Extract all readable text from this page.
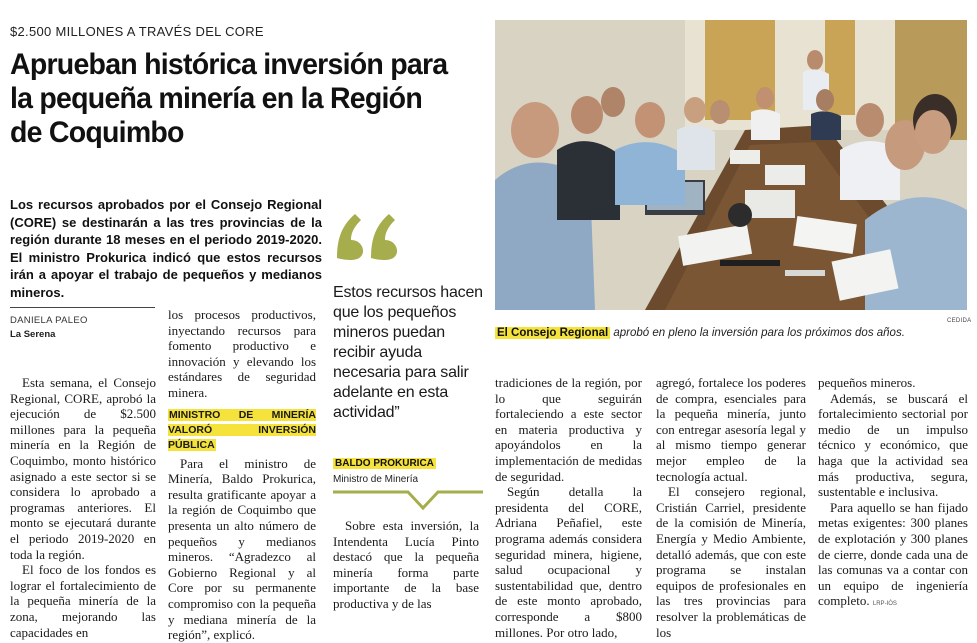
$2.500 MILLONES A TRAVÉS DEL CORE
Aprueban histórica inversión para la pequeña minería en la Región de Coquimbo
Los recursos aprobados por el Consejo Regional (CORE) se destinarán a las tres provincias de la región durante 18 meses en el periodo 2019-2020. El ministro Prokurica indicó que estos recursos irán a apoyar el trabajo de pequeños y medianos mineros.
DANIELA PALEO
La Serena

Esta semana, el Consejo Regional, CORE, aprobó la ejecución de $2.500 millones para la pequeña minería en la Región de Coquimbo, monto histórico asignado a este sector si se considera lo aprobado a programas anteriores. El monto se ejecutará durante el periodo 2019-2020 en toda la región.

El foco de los fondos es lograr el fortalecimiento de la pequeña minería de la zona, mejorando las capacidades en

los procesos productivos, inyectando recursos para fomento productivo e innovación y elevando los estándares de seguridad minera.

MINISTRO DE MINERÍA VALORÓ INVERSIÓN PÚBLICA

Para el ministro de Minería, Baldo Prokurica, resulta gratificante apoyar a la región de Coquimbo que presenta un alto número de pequeños y medianos mineros. “Agradezco al Gobierno Regional y al Core por su permanente compromiso con la pequeña y mediana minería de la región”, explicó.

Estos recursos hacen que los pequeños mineros puedan recibir ayuda necesaria para salir adelante en esta actividad”
BALDO PROKURICA
Ministro de Minería

Sobre esta inversión, la Intendenta Lucía Pinto destacó que la pequeña minería forma parte importante de la base productiva y de las

CEDIDA
El Consejo Regional aprobó en pleno la inversión para los próximos dos años.

tradiciones de la región, por lo que seguirán fortaleciendo a este sector en materia productiva y apoyándolos en la implementación de medidas de seguridad.

Según detalla la presidenta del CORE, Adriana Peñafiel, este programa además considera seguridad minera, higiene, salud ocupacional y sustentabilidad que, dentro de este monto aprobado, corresponde a $800 millones. Por otro lado,

agregó, fortalece los poderes de compra, esenciales para la pequeña minería, junto con entregar asesoría legal y al mismo tiempo generar mejor empleo de la tecnología actual.

El consejero regional, Cristián Carriel, presidente de la comisión de Minería, Energía y Medio Ambiente, detalló además, que con este programa se instalan equipos de profesionales en las tres provincias para resolver la problemáticas de los

pequeños mineros.

Además, se buscará el fortalecimiento sectorial por medio de un impulso técnico y económico, que haga que la actividad sea más productiva, segura, sustentable e inclusiva.

Para aquello se han fijado metas exigentes: 300 planes de explotación y 300 planes de cierre, donde cada una de las comunas va a contar con un equipo de ingeniería completo. LRP-IÓS
